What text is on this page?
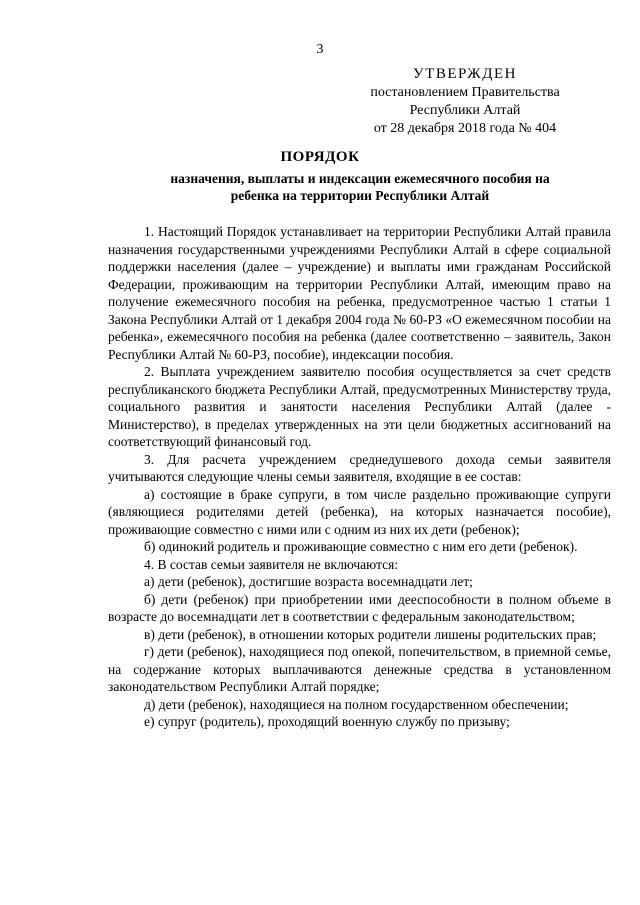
3
УТВЕРЖДЕН
постановлением Правительства
Республики Алтай
от 28 декабря 2018 года № 404
ПОРЯДОК
назначения, выплаты и индексации ежемесячного пособия на ребенка на территории Республики Алтай

1. Настоящий Порядок устанавливает на территории Республики Алтай правила назначения государственными учреждениями Республики Алтай в сфере социальной поддержки населения (далее – учреждение) и выплаты ими гражданам Российской Федерации, проживающим на территории Республики Алтай, имеющим право на получение ежемесячного пособия на ребенка, предусмотренное частью 1 статьи 1 Закона Республики Алтай от 1 декабря 2004 года № 60-РЗ «О ежемесячном пособии на ребенка», ежемесячного пособия на ребенка (далее соответственно – заявитель, Закон Республики Алтай № 60-РЗ, пособие), индексации пособия.

2. Выплата учреждением заявителю пособия осуществляется за счет средств республиканского бюджета Республики Алтай, предусмотренных Министерству труда, социального развития и занятости населения Республики Алтай (далее - Министерство), в пределах утвержденных на эти цели бюджетных ассигнований на соответствующий финансовый год.

3. Для расчета учреждением среднедушевого дохода семьи заявителя учитываются следующие члены семьи заявителя, входящие в ее состав:

а) состоящие в браке супруги, в том числе раздельно проживающие супруги (являющиеся родителями детей (ребенка), на которых назначается пособие), проживающие совместно с ними или с одним из них их дети (ребенок);

б) одинокий родитель и проживающие совместно с ним его дети (ребенок).

4. В состав семьи заявителя не включаются:

а) дети (ребенок), достигшие возраста восемнадцати лет;

б) дети (ребенок) при приобретении ими дееспособности в полном объеме в возрасте до восемнадцати лет в соответствии с федеральным законодательством;

в) дети (ребенок), в отношении которых родители лишены родительских прав;

г) дети (ребенок), находящиеся под опекой, попечительством, в приемной семье, на содержание которых выплачиваются денежные средства в установленном законодательством Республики Алтай порядке;

д) дети (ребенок), находящиеся на полном государственном обеспечении;

е) супруг (родитель), проходящий военную службу по призыву;
